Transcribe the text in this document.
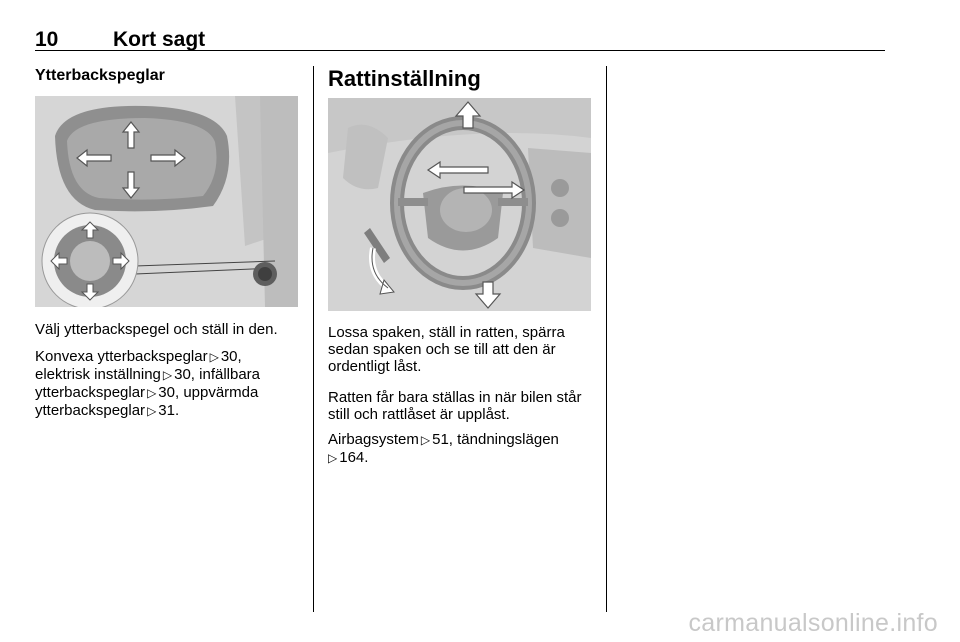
10	Kort sagt
Ytterbackspeglar

Välj ytterbackspegel och ställ in den.

Konvexa ytterbackspeglar ▷ 30,
elektrisk inställning ▷ 30, infällbara
ytterbackspeglar ▷ 30, uppvärmda
ytterbackspeglar ▷ 31.

Rattinställning

Lossa spaken, ställ in ratten, spärra sedan spaken och se till att den är ordentligt låst.

Ratten får bara ställas in när bilen står still och rattlåset är upplåst.

Airbagsystem ▷ 51, tändningslägen
▷ 164.

carmanualsonline.info
